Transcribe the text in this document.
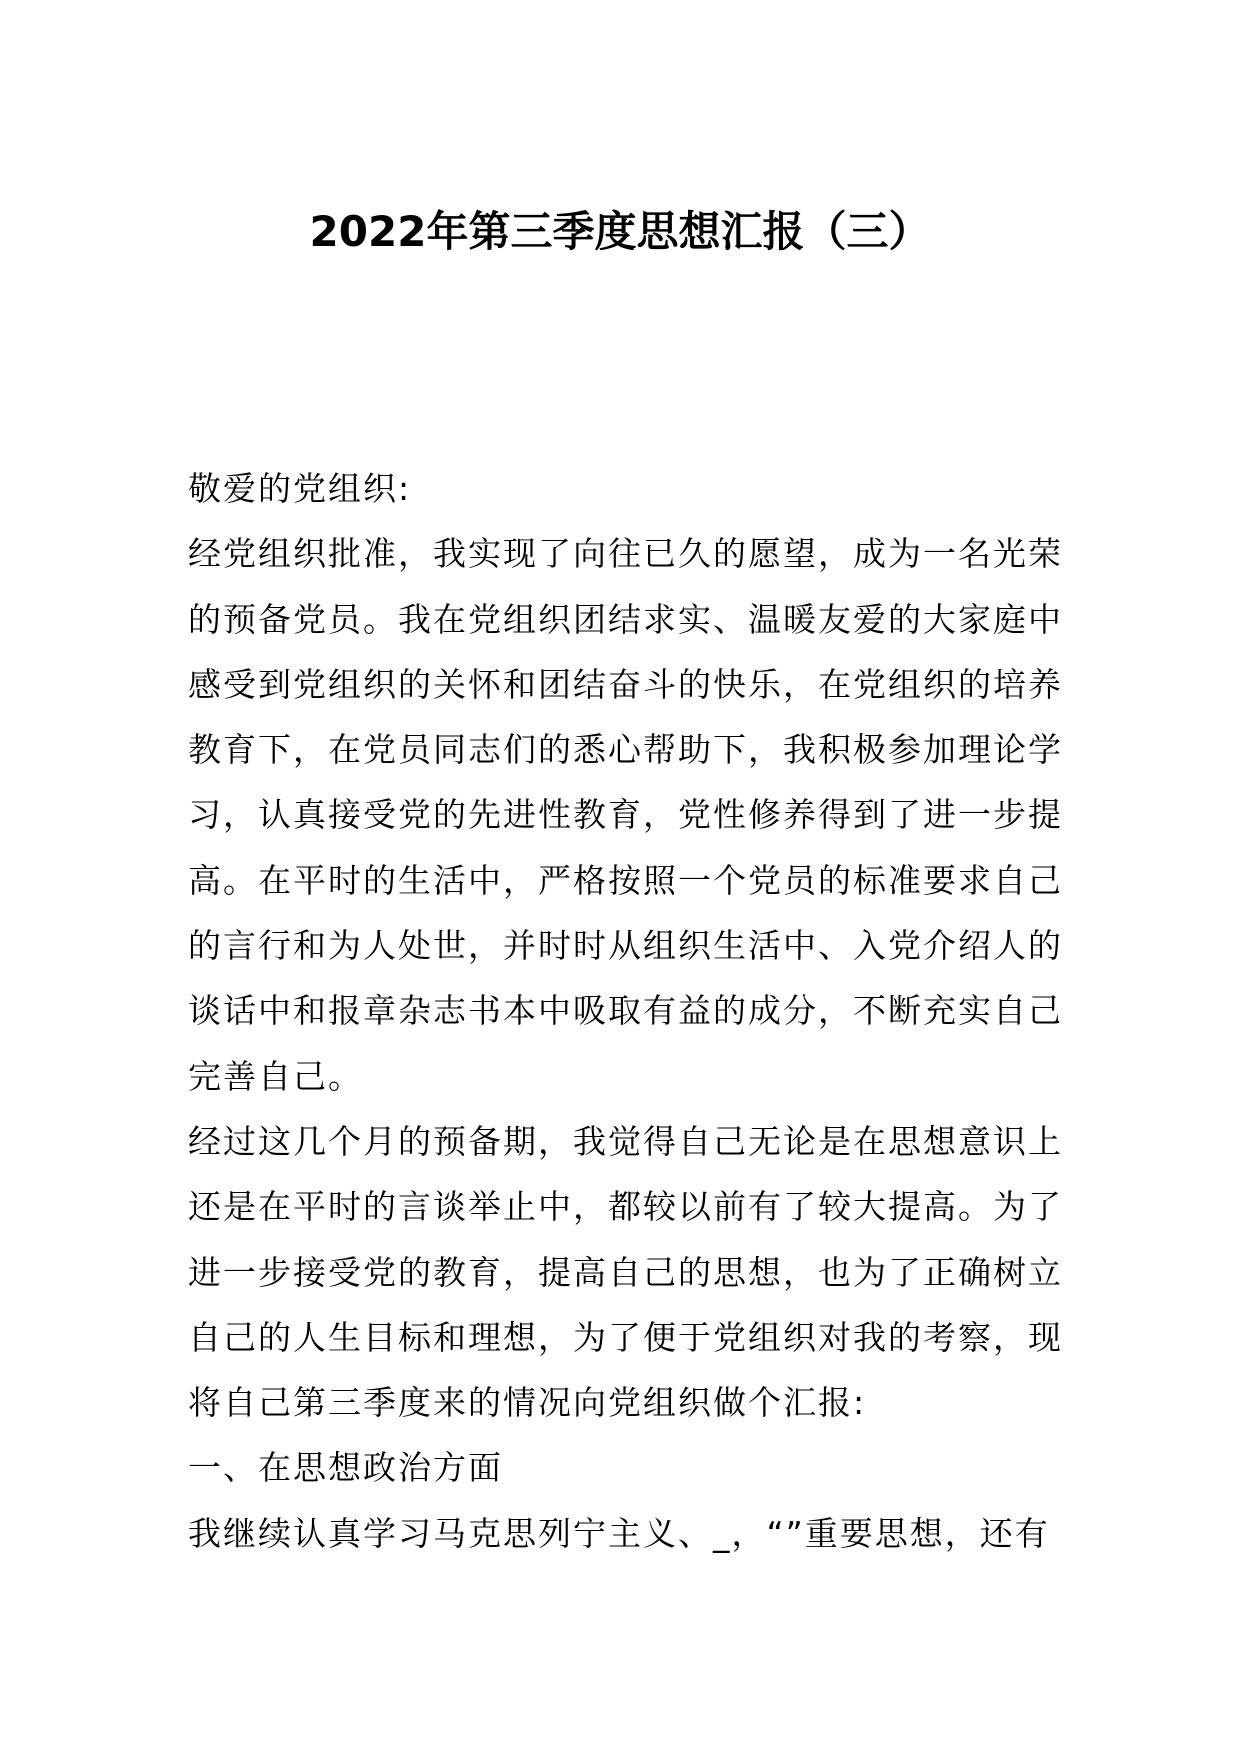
2022年第三季度思想汇报（三）
敬爱的党组织:
经党组织批准，我实现了向往已久的愿望，成为一名光荣
的预备党员。我在党组织团结求实、温暖友爱的大家庭中
感受到党组织的关怀和团结奋斗的快乐，在党组织的培养
教育下，在党员同志们的悉心帮助下，我积极参加理论学
习，认真接受党的先进性教育，党性修养得到了进一步提
高。在平时的生活中，严格按照一个党员的标准要求自己
的言行和为人处世，并时时从组织生活中、入党介绍人的
谈话中和报章杂志书本中吸取有益的成分，不断充实自己
完善自己。
经过这几个月的预备期，我觉得自己无论是在思想意识上
还是在平时的言谈举止中，都较以前有了较大提高。为了
进一步接受党的教育，提高自己的思想，也为了正确树立
自己的人生目标和理想，为了便于党组织对我的考察，现
将自己第三季度来的情况向党组织做个汇报:
一、在思想政治方面
我继续认真学习马克思列宁主义、_，“”重要思想，还有
